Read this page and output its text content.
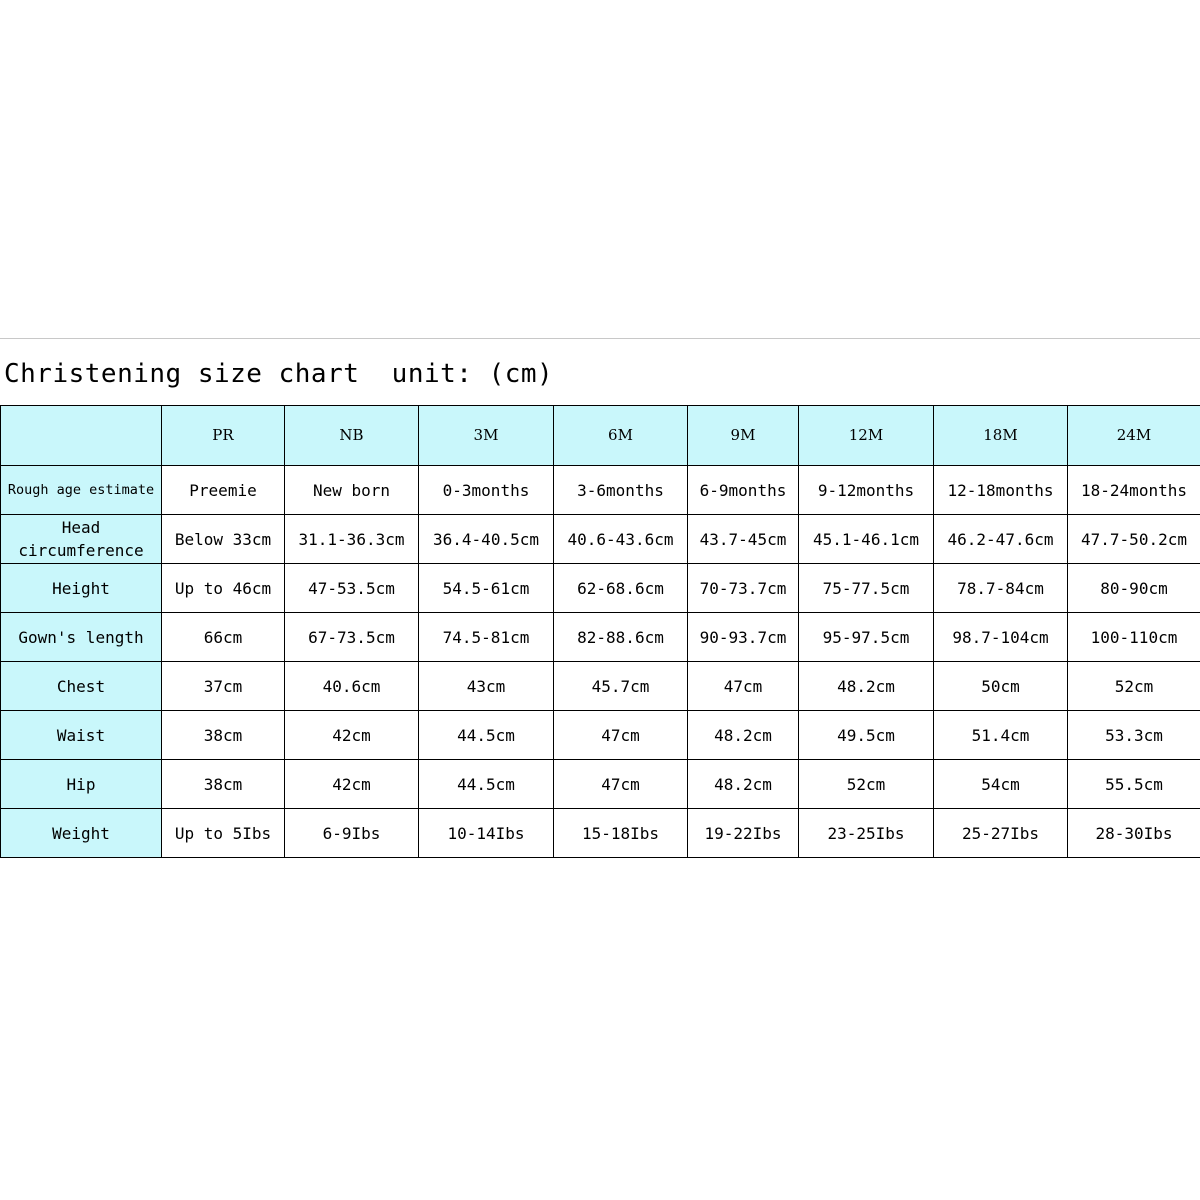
Christening size chart  unit: (cm)
	PR	NB	3M	6M	9M	12M	18M	24M
Rough age estimate	Preemie	New born	0-3months	3-6months	6-9months	9-12months	12-18months	18-24months
Head circumference	Below 33cm	31.1-36.3cm	36.4-40.5cm	40.6-43.6cm	43.7-45cm	45.1-46.1cm	46.2-47.6cm	47.7-50.2cm
Height	Up to 46cm	47-53.5cm	54.5-61cm	62-68.6cm	70-73.7cm	75-77.5cm	78.7-84cm	80-90cm
Gown's length	66cm	67-73.5cm	74.5-81cm	82-88.6cm	90-93.7cm	95-97.5cm	98.7-104cm	100-110cm
Chest	37cm	40.6cm	43cm	45.7cm	47cm	48.2cm	50cm	52cm
Waist	38cm	42cm	44.5cm	47cm	48.2cm	49.5cm	51.4cm	53.3cm
Hip	38cm	42cm	44.5cm	47cm	48.2cm	52cm	54cm	55.5cm
Weight	Up to 5Ibs	6-9Ibs	10-14Ibs	15-18Ibs	19-22Ibs	23-25Ibs	25-27Ibs	28-30Ibs
